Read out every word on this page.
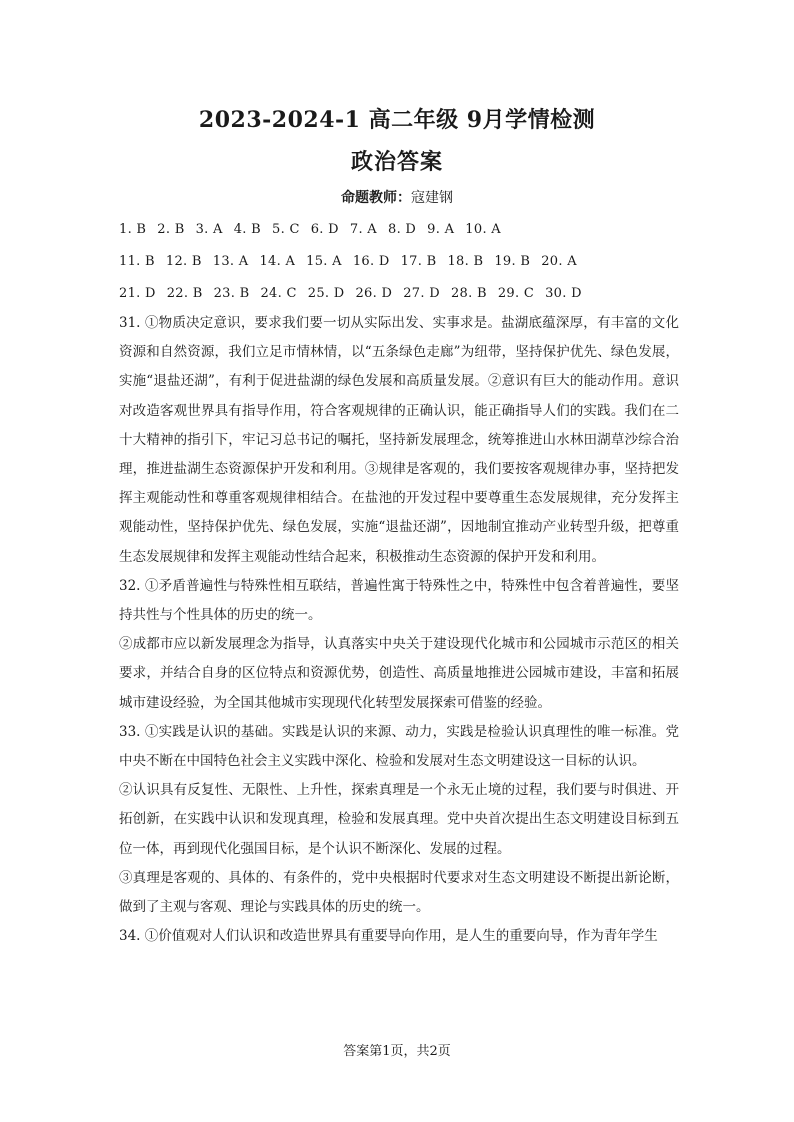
2023-2024-1 高二年级 9月学情检测
政治答案
命题教师：寇建钢
1. B 2. B 3. A 4. B 5. C 6. D 7. A 8. D 9. A 10. A
11. B 12. B 13. A 14. A 15. A 16. D 17. B 18. B 19. B 20. A
21. D 22. B 23. B 24. C 25. D 26. D 27. D 28. B 29. C 30. D

31. ①物质决定意识，要求我们要一切从实际出发、实事求是。盐湖底蕴深厚，有丰富的文化资源和自然资源，我们立足市情林情，以“五条绿色走廊”为纽带，坚持保护优先、绿色发展，实施“退盐还湖”，有利于促进盐湖的绿色发展和高质量发展。②意识有巨大的能动作用。意识对改造客观世界具有指导作用，符合客观规律的正确认识，能正确指导人们的实践。我们在二十大精神的指引下，牢记习总书记的嘱托，坚持新发展理念，统筹推进山水林田湖草沙综合治理，推进盐湖生态资源保护开发和利用。③规律是客观的，我们要按客观规律办事，坚持把发挥主观能动性和尊重客观规律相结合。在盐池的开发过程中要尊重生态发展规律，充分发挥主观能动性，坚持保护优先、绿色发展，实施“退盐还湖”，因地制宜推动产业转型升级，把尊重生态发展规律和发挥主观能动性结合起来，积极推动生态资源的保护开发和利用。

32. ①矛盾普遍性与特殊性相互联结，普遍性寓于特殊性之中，特殊性中包含着普遍性，要坚持共性与个性具体的历史的统一。

②成都市应以新发展理念为指导，认真落实中央关于建设现代化城市和公园城市示范区的相关要求，并结合自身的区位特点和资源优势，创造性、高质量地推进公园城市建设，丰富和拓展城市建设经验，为全国其他城市实现现代化转型发展探索可借鉴的经验。

33. ①实践是认识的基础。实践是认识的来源、动力，实践是检验认识真理性的唯一标准。党中央不断在中国特色社会主义实践中深化、检验和发展对生态文明建设这一目标的认识。

②认识具有反复性、无限性、上升性，探索真理是一个永无止境的过程，我们要与时俱进、开拓创新，在实践中认识和发现真理，检验和发展真理。党中央首次提出生态文明建设目标到五位一体，再到现代化强国目标，是个认识不断深化、发展的过程。

③真理是客观的、具体的、有条件的，党中央根据时代要求对生态文明建设不断提出新论断，做到了主观与客观、理论与实践具体的历史的统一。

34. ①价值观对人们认识和改造世界具有重要导向作用，是人生的重要向导，作为青年学生

答案第1页，共2页
